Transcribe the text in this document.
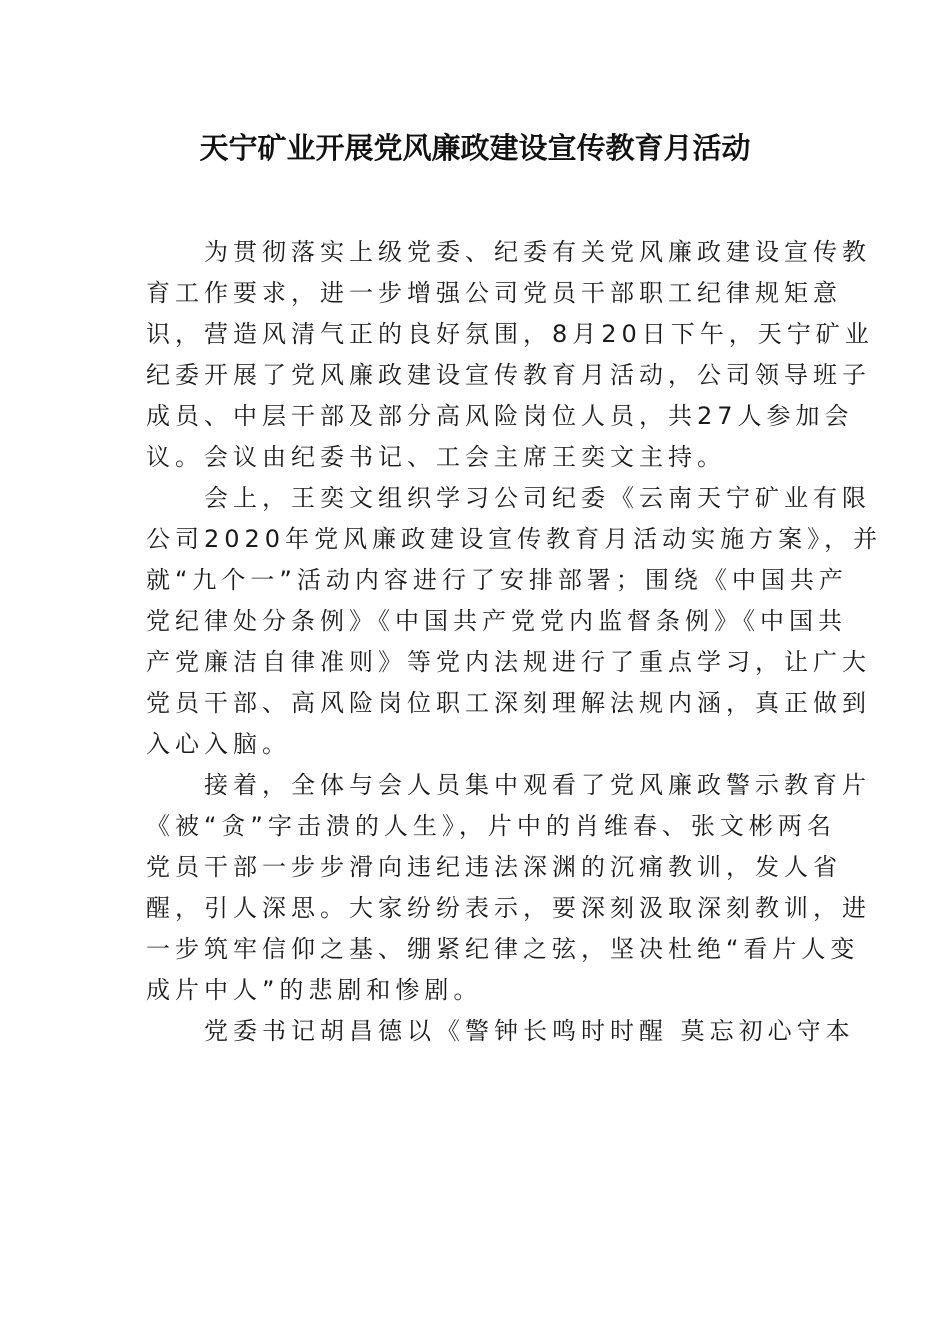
天宁矿业开展党风廉政建设宣传教育月活动
　　为贯彻落实上级党委、纪委有关党风廉政建设宣传教
育工作要求，进一步增强公司党员干部职工纪律规矩意
识，营造风清气正的良好氛围，8月20日下午，天宁矿业
纪委开展了党风廉政建设宣传教育月活动，公司领导班子
成员、中层干部及部分高风险岗位人员，共27人参加会
议。会议由纪委书记、工会主席王奕文主持。
　　会上，王奕文组织学习公司纪委《云南天宁矿业有限
公司2020年党风廉政建设宣传教育月活动实施方案》，并
就“九个一”活动内容进行了安排部署；围绕《中国共产
党纪律处分条例》《中国共产党党内监督条例》《中国共
产党廉洁自律准则》等党内法规进行了重点学习，让广大
党员干部、高风险岗位职工深刻理解法规内涵，真正做到
入心入脑。
　　接着，全体与会人员集中观看了党风廉政警示教育片
《被“贪”字击溃的人生》，片中的肖维春、张文彬两名
党员干部一步步滑向违纪违法深渊的沉痛教训，发人省
醒，引人深思。大家纷纷表示，要深刻汲取深刻教训，进
一步筑牢信仰之基、绷紧纪律之弦，坚决杜绝“看片人变
成片中人”的悲剧和惨剧。
　　党委书记胡昌德以《警钟长鸣时时醒 莫忘初心守本
